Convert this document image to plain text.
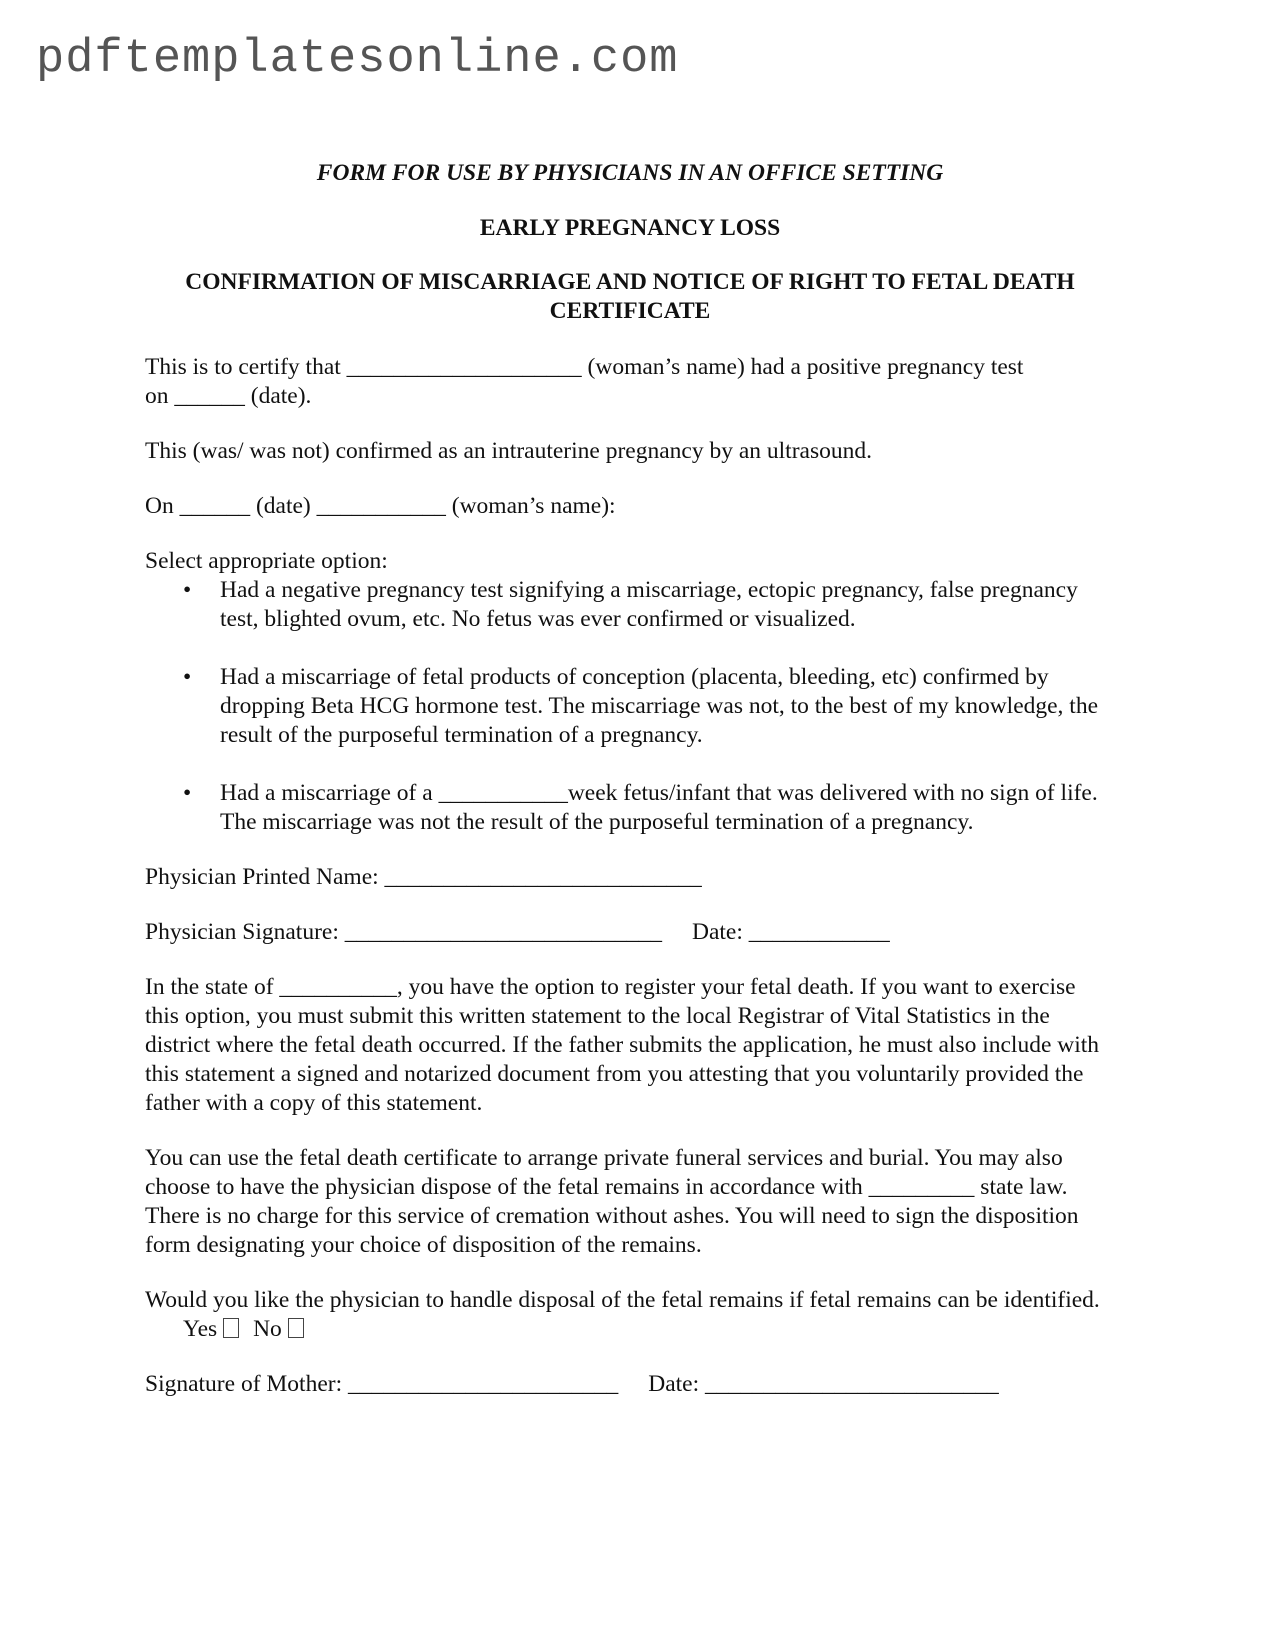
pdftemplatesonline.com

FORM FOR USE BY PHYSICIANS IN AN OFFICE SETTING

EARLY PREGNANCY LOSS

CONFIRMATION OF MISCARRIAGE AND NOTICE OF RIGHT TO FETAL DEATH CERTIFICATE

This is to certify that ____________________ (woman’s name) had a positive pregnancy test

on ______ (date).

This (was/ was not) confirmed as an intrauterine pregnancy by an ultrasound.

On ______ (date) ___________ (woman’s name):

Select appropriate option:

• Had a negative pregnancy test signifying a miscarriage, ectopic pregnancy, false pregnancy test, blighted ovum, etc. No fetus was ever confirmed or visualized.
• Had a miscarriage of fetal products of conception (placenta, bleeding, etc) confirmed by dropping Beta HCG hormone test. The miscarriage was not, to the best of my knowledge, the result of the purposeful termination of a pregnancy.
• Had a miscarriage of a ___________week fetus/infant that was delivered with no sign of life. The miscarriage was not the result of the purposeful termination of a pregnancy.

Physician Printed Name: ___________________________

Physician Signature: ___________________________ Date: ____________

In the state of __________, you have the option to register your fetal death. If you want to exercise this option, you must submit this written statement to the local Registrar of Vital Statistics in the district where the fetal death occurred. If the father submits the application, he must also include with this statement a signed and notarized document from you attesting that you voluntarily provided the father with a copy of this statement.

You can use the fetal death certificate to arrange private funeral services and burial. You may also choose to have the physician dispose of the fetal remains in accordance with _________ state law. There is no charge for this service of cremation without ashes. You will need to sign the disposition form designating your choice of disposition of the remains.

Would you like the physician to handle disposal of the fetal remains if fetal remains can be identified. Yes No

Signature of Mother: _______________________ Date: _________________________
